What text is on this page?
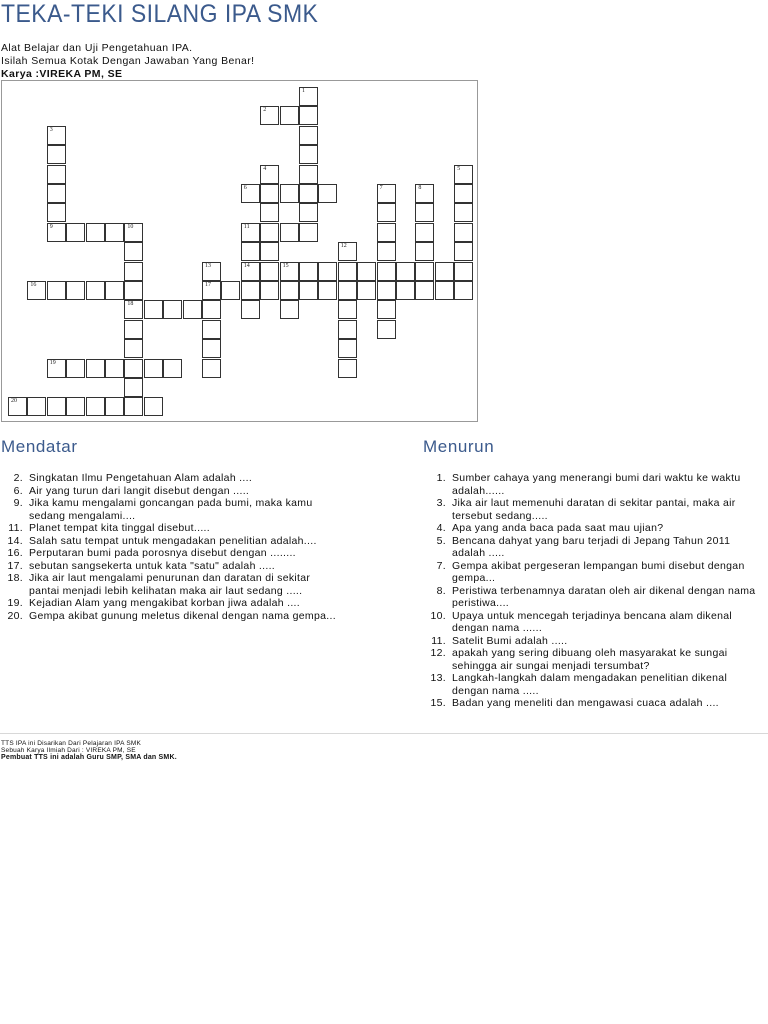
TEKA-TEKI SILANG IPA SMK
Alat Belajar dan Uji Pengetahuan IPA.
Isilah Semua Kotak Dengan Jawaban Yang Benar!
Karya :VIREKA PM, SE
1
2
3
9
4	5
6	7	8
10
18
11
14
12
13
17
15
16
19
20
Mendatar	Menurun
2. Singkatan Ilmu Pengetahuan Alam adalah ....
6. Air yang turun dari langit disebut dengan .....
9. Jika kamu mengalami goncangan pada bumi, maka kamu sedang mengalami....
11. Planet tempat kita tinggal disebut.....
14. Salah satu tempat untuk mengadakan penelitian adalah....
16. Perputaran bumi pada porosnya disebut dengan ........
17. sebutan sangsekerta untuk kata "satu" adalah .....
18. Jika air laut mengalami penurunan dan daratan di sekitar pantai menjadi lebih kelihatan maka air laut sedang .....
19. Kejadian Alam yang mengakibat korban jiwa adalah ....
20. Gempa akibat gunung meletus dikenal dengan nama gempa...
1. Sumber cahaya yang menerangi bumi dari waktu ke waktu adalah......
3. Jika air laut memenuhi daratan di sekitar pantai, maka air tersebut sedang.....
4. Apa yang anda baca pada saat mau ujian?
5. Bencana dahyat yang baru terjadi di Jepang Tahun 2011 adalah .....
7. Gempa akibat pergeseran lempangan bumi disebut dengan gempa...
8. Peristiwa terbenamnya daratan oleh air dikenal dengan nama peristiwa....
10. Upaya untuk mencegah terjadinya bencana alam dikenal dengan nama ......
11. Satelit Bumi adalah .....
12. apakah yang sering dibuang oleh masyarakat ke sungai sehingga air sungai menjadi tersumbat?
13. Langkah-langkah dalam mengadakan penelitian dikenal dengan nama .....
15. Badan yang meneliti dan mengawasi cuaca adalah ....
TTS IPA ini Disarikan Dari Pelajaran IPA SMK
Sebuah Karya Ilmiah Dari : VIREKA PM, SE
Pembuat TTS ini adalah Guru SMP, SMA dan SMK.
